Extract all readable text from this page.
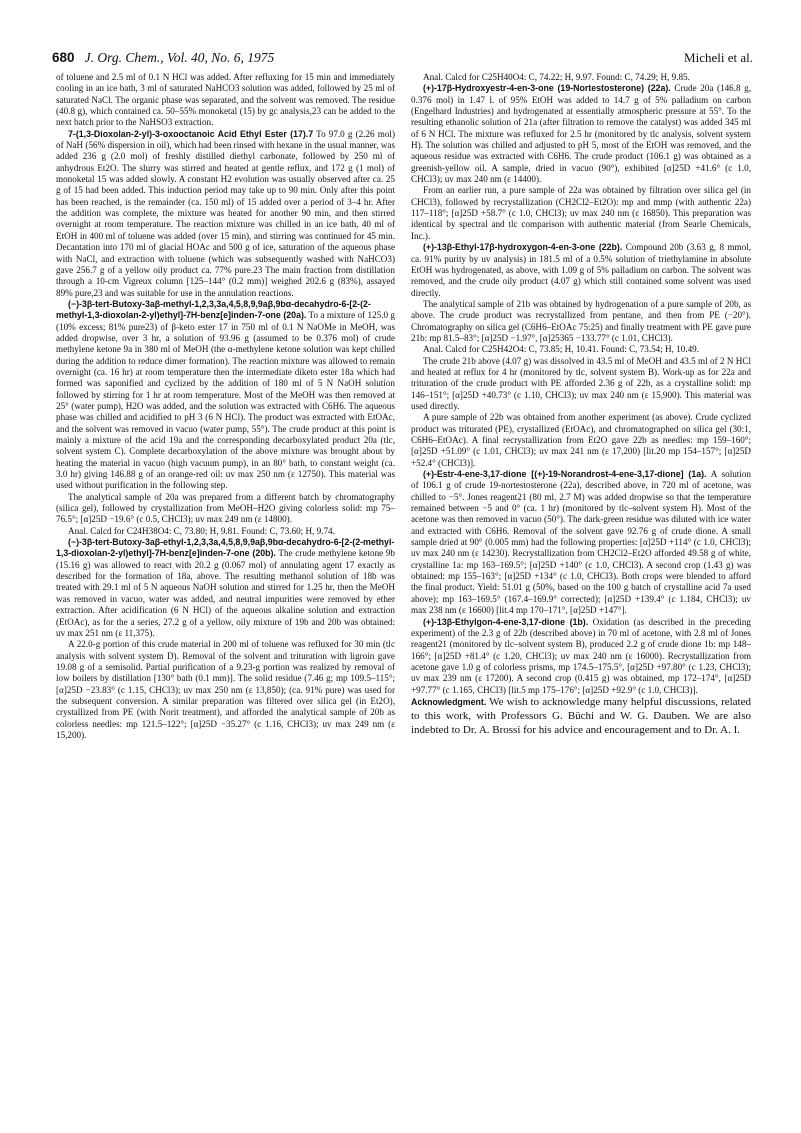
680 J. Org. Chem., Vol. 40, No. 6, 1975	Micheli et al.

of toluene and 2.5 ml of 0.1 N HCl was added. After refluxing for 15 min and immediately cooling in an ice bath, 3 ml of saturated NaHCO3 solution was added, followed by 25 ml of saturated NaCl. The organic phase was separated, and the solvent was removed. The residue (40.8 g), which contained ca. 50–55% monoketal (15) by gc analysis,23 can be added to the next batch prior to the NaHSO3 extraction.

7-(1,3-Dioxolan-2-yl)-3-oxooctanoic Acid Ethyl Ester (17).7 To 97.0 g (2.26 mol) of NaH (56% dispersion in oil), which had been rinsed with hexane in the usual manner, was added 236 g (2.0 mol) of freshly distilled diethyl carbonate, followed by 250 ml of anhydrous Et2O. The slurry was stirred and heated at gentle reflux, and 172 g (1 mol) of monoketal 15 was added slowly. A constant H2 evolution was usually observed after ca. 25 g of 15 had been added. This induction period may take up to 90 min. Only after this point has been reached, is the remainder (ca. 150 ml) of 15 added over a period of 3–4 hr. After the addition was complete, the mixture was heated for another 90 min, and then stirred overnight at room temperature. The reaction mixture was chilled in an ice bath, 40 ml of EtOH in 400 ml of toluene was added (over 15 min), and stirring was continued for 45 min. Decantation into 170 ml of glacial HOAc and 500 g of ice, saturation of the aqueous phase with NaCl, and extraction with toluene (which was subsequently washed with NaHCO3) gave 256.7 g of a yellow oily product ca. 77% pure.23 The main fraction from distillation through a 10-cm Vigreux column [125–144° (0.2 mm)] weighed 202.6 g (83%), assayed 89% pure,23 and was suitable for use in the annulation reactions.

(−)-3β-tert-Butoxy-3aβ-methyl-1,2,3,3a,4,5,8,9,9aβ,9bα-decahydro-6-[2-(2-methyl-1,3-dioxolan-2-yl)ethyl]-7H-benz[e]inden-7-one (20a). To a mixture of 125.0 g (10% excess; 81% pure23) of β-keto ester 17 in 750 ml of 0.1 N NaOMe in MeOH, was added dropwise, over 3 hr, a solution of 93.96 g (assumed to be 0.376 mol) of crude methylene ketone 9a in 380 ml of MeOH (the α-methylene ketone solution was kept chilled during the addition to reduce dimer formation). The reaction mixture was allowed to remain overnight (ca. 16 hr) at room temperature then the intermediate diketo ester 18a which had formed was saponified and cyclized by the addition of 180 ml of 5 N NaOH solution followed by stirring for 1 hr at room temperature. Most of the MeOH was then removed at 25° (water pump), H2O was added, and the solution was extracted with C6H6. The aqueous phase was chilled and acidified to pH 3 (6 N HCl). The product was extracted with EtOAc, and the solvent was removed in vacuo (water pump, 55°). The crude product at this point is mainly a mixture of the acid 19a and the corresponding decarboxylated product 20a (tlc, solvent system C). Complete decarboxylation of the above mixture was brought about by heating the material in vacuo (high vacuum pump), in an 80° bath, to constant weight (ca. 3.0 hr) giving 146.88 g of an orange-red oil: uv max 250 nm (ε 12750). This material was used without purification in the following step.

The analytical sample of 20a was prepared from a different batch by chromatography (silica gel), followed by crystallization from MeOH–H2O giving colorless solid: mp 75–76.5°; [α]25D −19.6° (c 0.5, CHCl3); uv max 249 nm (ε 14800).

Anal. Calcd for C24H38O4: C, 73.80; H, 9.81. Found: C, 73.60; H, 9.74.

(−)-3β-tert-Butoxy-3aβ-ethyl-1,2,3,3a,4,5,8,9,9aβ,9bα-decahydro-6-[2-(2-methyl-1,3-dioxolan-2-yl)ethyl]-7H-benz[e]inden-7-one (20b). The crude methylene ketone 9b (15.16 g) was allowed to react with 20.2 g (0.067 mol) of annulating agent 17 exactly as described for the formation of 18a, above. The resulting methanol solution of 18b was treated with 29.1 ml of 5 N aqueous NaOH solution and stirred for 1.25 hr, then the MeOH was removed in vacuo, water was added, and neutral impurities were removed by ether extraction. After acidification (6 N HCl) of the aqueous alkaline solution and extraction (EtOAc), as for the a series, 27.2 g of a yellow, oily mixture of 19b and 20b was obtained: uv max 251 nm (ε 11,375).

A 22.0-g portion of this crude material in 200 ml of toluene was refluxed for 30 min (tlc analysis with solvent system D). Removal of the solvent and trituration with ligroin gave 19.08 g of a semisolid. Partial purification of a 9.23-g portion was realized by removal of low boilers by distillation [130° bath (0.1 mm)]. The solid residue (7.46 g; mp 109.5–115°; [α]25D −23.83° (c 1.15, CHCl3); uv max 250 nm (ε 13,850); (ca. 91% pure) was used for the subsequent conversion. A similar preparation was filtered over silica gel (in Et2O), crystallized from PE (with Norit treatment), and afforded the analytical sample of 20b as colorless needles: mp 121.5–122°; [α]25D −35.27° (c 1.16, CHCl3); uv max 249 nm (ε 15,200).

Anal. Calcd for C25H40O4: C, 74.22; H, 9.97. Found: C, 74.29; H, 9.85.

(+)-17β-Hydroxyestr-4-en-3-one (19-Nortestosterone) (22a). Crude 20a (146.8 g, 0.376 mol) in 1.47 l. of 95% EtOH was added to 14.7 g of 5% palladium on carbon (Engelhard Industries) and hydrogenated at essentially atmospheric pressure at 55°. To the resulting ethanolic solution of 21a (after filtration to remove the catalyst) was added 345 ml of 6 N HCl. The mixture was refluxed for 2.5 hr (monitored by tlc analysis, solvent system H). The solution was chilled and adjusted to pH 5, most of the EtOH was removed, and the aqueous residue was extracted with C6H6. The crude product (106.1 g) was obtained as a greenish-yellow oil. A sample, dried in vacuo (90°), exhibited [α]25D +41.6° (c 1.0, CHCl3); uv max 240 nm (ε 14400).

From an earlier run, a pure sample of 22a was obtained by filtration over silica gel (in CHCl3), followed by recrystallization (CH2Cl2–Et2O): mp and mmp (with authentic 22a) 117–118°; [α]25D +58.7° (c 1.0, CHCl3); uv max 240 nm (ε 16850). This preparation was identical by spectral and tlc comparison with authentic material (from Searle Chemicals, Inc.).

(+)-13β-Ethyl-17β-hydroxygon-4-en-3-one (22b). Compound 20b (3.63 g, 8 mmol, ca. 91% purity by uv analysis) in 181.5 ml of a 0.5% solution of triethylamine in absolute EtOH was hydrogenated, as above, with 1.09 g of 5% palladium on carbon. The solvent was removed, and the crude oily product (4.07 g) which still contained some solvent was used directly.

The analytical sample of 21b was obtained by hydrogenation of a pure sample of 20b, as above. The crude product was recrystallized from pentane, and then from PE (−20°). Chromatography on silica gel (C6H6–EtOAc 75:25) and finally treatment with PE gave pure 21b: mp 81.5–83°; [α]25D −1.97°, [α]25365 −133.77° (c 1.01, CHCl3).

Anal. Calcd for C25H42O4: C, 73.85; H, 10.41. Found: C, 73.54; H, 10.49.

The crude 21b above (4.07 g) was dissolved in 43.5 ml of MeOH and 43.5 ml of 2 N HCl and heated at reflux for 4 hr (monitored by tlc, solvent system B). Work-up as for 22a and trituration of the crude product with PE afforded 2.36 g of 22b, as a crystalline solid: mp 146–151°; [α]25D +40.73° (c 1.10, CHCl3); uv max 240 nm (ε 15,900). This material was used directly.

A pure sample of 22b was obtained from another experiment (as above). Crude cyclized product was triturated (PE), crystallized (EtOAc), and chromatographed on silica gel (30:1, C6H6–EtOAc). A final recrystallization from Et2O gave 22b as needles: mp 159–160°; [α]25D +51.09° (c 1.01, CHCl3); uv max 241 nm (ε 17,200) [lit.20 mp 154–157°; [α]25D +52.4° (CHCl3)].

(+)-Estr-4-ene-3,17-dione [(+)-19-Norandrost-4-ene-3,17-dione] (1a). A solution of 106.1 g of crude 19-nortestosterone (22a), described above, in 720 ml of acetone, was chilled to −5°. Jones reagent21 (80 ml, 2.7 M) was added dropwise so that the temperature remained between −5 and 0° (ca. 1 hr) (monitored by tlc–solvent system H). Most of the acetone was then removed in vacuo (50°). The dark-green residue was diluted with ice water and extracted with C6H6. Removal of the solvent gave 92.76 g of crude dione. A small sample dried at 90° (0.005 mm) had the following properties: [α]25D +114° (c 1.0, CHCl3); uv max 240 nm (ε 14230). Recrystallization from CH2Cl2–Et2O afforded 49.58 g of white, crystalline 1a: mp 163–169.5°; [α]25D +140° (c 1.0, CHCl3). A second crop (1.43 g) was obtained: mp 155–163°; [α]25D +134° (c 1.0, CHCl3). Both crops were blended to afford the final product. Yield: 51.01 g (50%, based on the 100 g batch of crystalline acid 7a used above); mp 163–169.5° (167.4–169.9° corrected); [α]25D +139.4° (c 1.184, CHCl3); uv max 238 nm (ε 16600) [lit.4 mp 170–171°, [α]25D +147°].

(+)-13β-Ethylgon-4-ene-3,17-dione (1b). Oxidation (as described in the preceding experiment) of the 2.3 g of 22b (described above) in 70 ml of acetone, with 2.8 ml of Jones reagent21 (monitored by tlc–solvent system B), produced 2.2 g of crude dione 1b: mp 148–166°; [α]25D +81.4° (c 1.20, CHCl3); uv max 240 nm (ε 16000). Recrystallization from acetone gave 1.0 g of colorless prisms, mp 174.5–175.5°, [α]25D +97.80° (c 1.23, CHCl3); uv max 239 nm (ε 17200). A second crop (0.415 g) was obtained, mp 172–174°, [α]25D +97.77° (c 1.165, CHCl3) [lit.5 mp 175–176°; [α]25D +92.9° (c 1.0, CHCl3)].

Acknowledgment. We wish to acknowledge many helpful discussions, related to this work, with Professors G. Büchi and W. G. Dauben. We are also indebted to Dr. A. Brossi for his advice and encouragement and to Dr. A. I.
